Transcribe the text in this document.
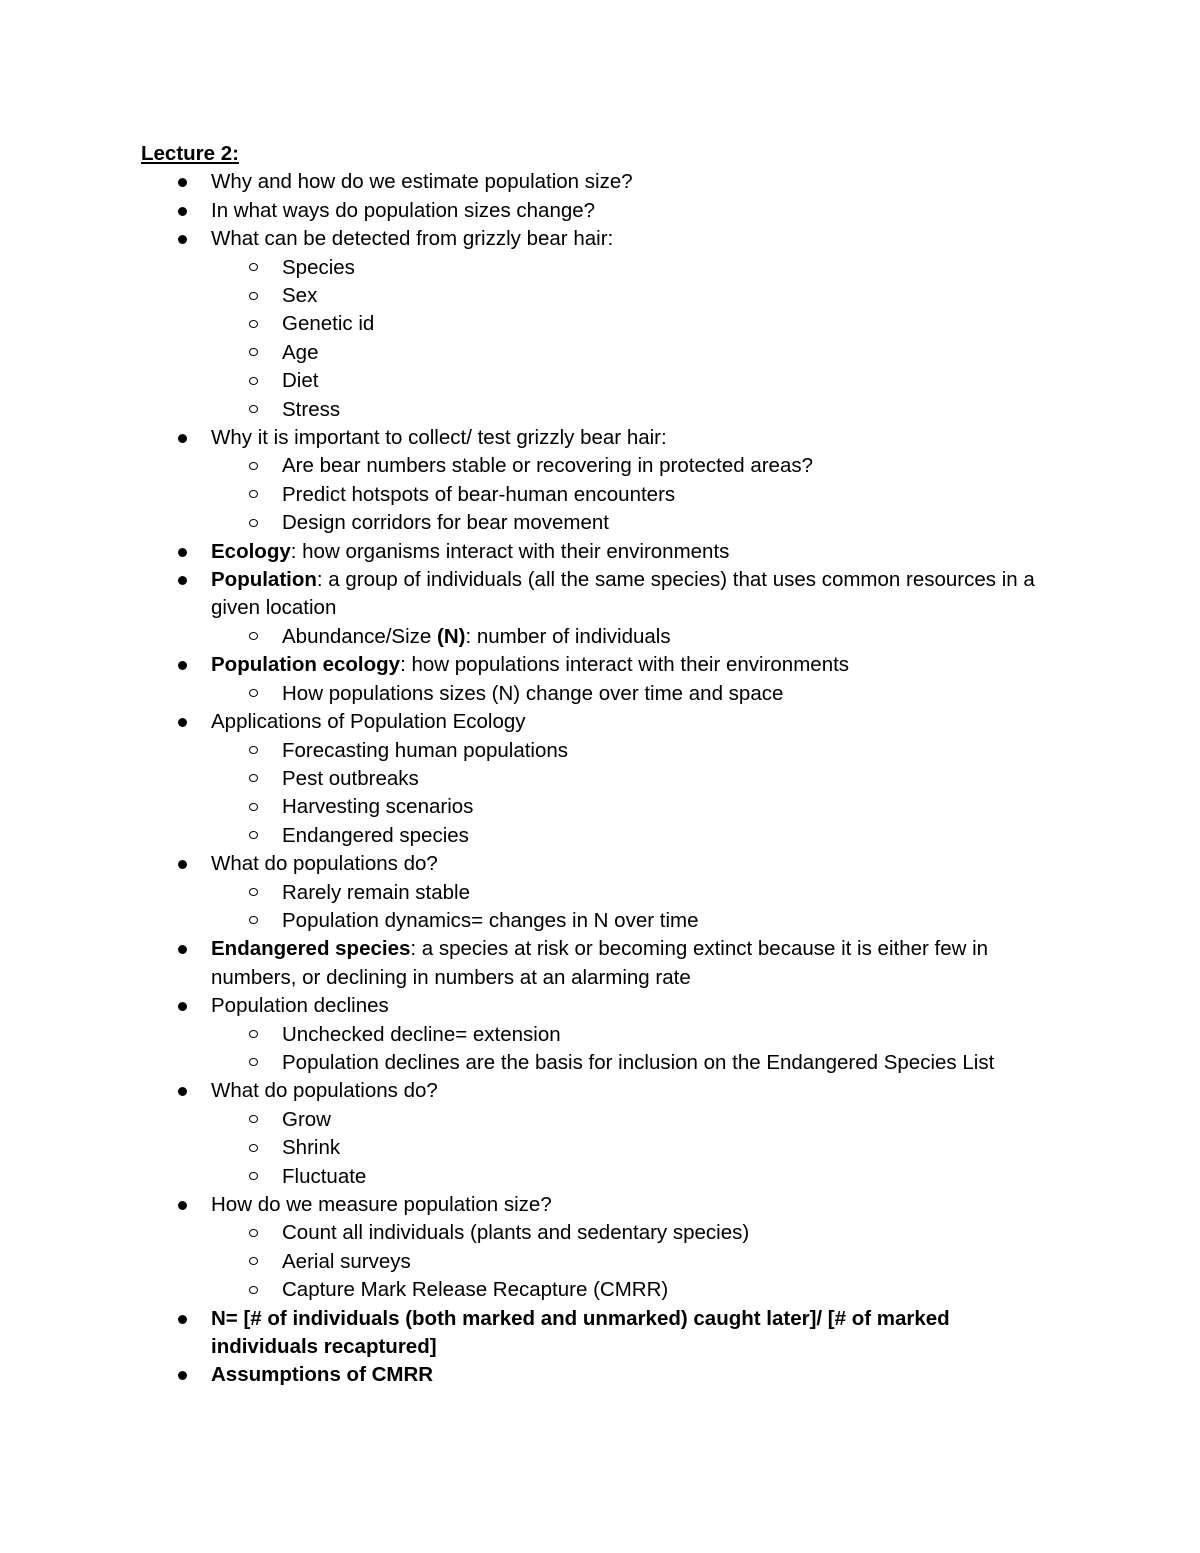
Lecture 2:
Why and how do we estimate population size?
In what ways do population sizes change?
What can be detected from grizzly bear hair:
Species
Sex
Genetic id
Age
Diet
Stress
Why it is important to collect/ test grizzly bear hair:
Are bear numbers stable or recovering in protected areas?
Predict hotspots of bear-human encounters
Design corridors for bear movement
Ecology: how organisms interact with their environments
Population: a group of individuals (all the same species) that uses common resources in a given location
Abundance/Size (N): number of individuals
Population ecology: how populations interact with their environments
How populations sizes (N) change over time and space
Applications of Population Ecology
Forecasting human populations
Pest outbreaks
Harvesting scenarios
Endangered species
What do populations do?
Rarely remain stable
Population dynamics= changes in N over time
Endangered species: a species at risk or becoming extinct because it is either few in numbers, or declining in numbers at an alarming rate
Population declines
Unchecked decline= extension
Population declines are the basis for inclusion on the Endangered Species List
What do populations do?
Grow
Shrink
Fluctuate
How do we measure population size?
Count all individuals (plants and sedentary species)
Aerial surveys
Capture Mark Release Recapture (CMRR)
N= [# of individuals (both marked and unmarked) caught later]/ [# of marked individuals recaptured]
Assumptions of CMRR
